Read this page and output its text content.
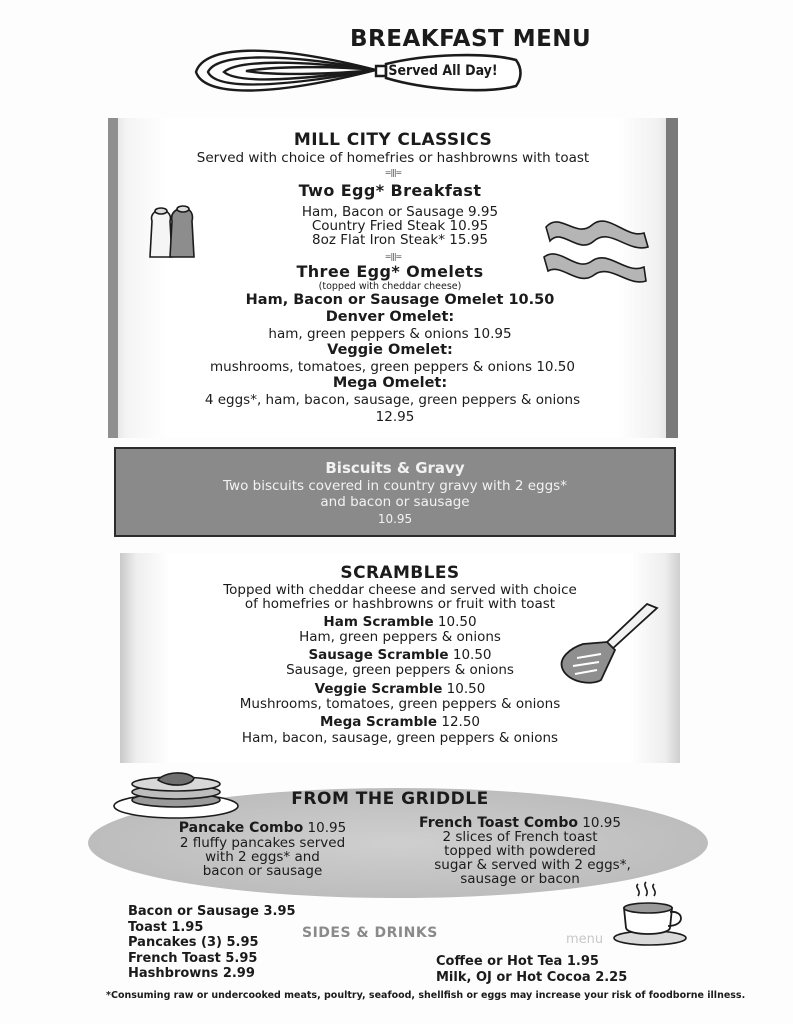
BREAKFAST MENU
Served All Day!
MILL CITY CLASSICS
Served with choice of homefries or hashbrowns with toast
=|||=
Two Egg* Breakfast
Ham, Bacon or Sausage 9.95
Country Fried Steak 10.95
8oz Flat Iron Steak* 15.95
=|||=
Three Egg* Omelets
(topped with cheddar cheese)
Ham, Bacon or Sausage Omelet 10.50
Denver Omelet:
ham, green peppers & onions 10.95
Veggie Omelet:
mushrooms, tomatoes, green peppers & onions 10.50
Mega Omelet:
4 eggs*, ham, bacon, sausage, green peppers & onions
12.95
Biscuits & Gravy
Two biscuits covered in country gravy with 2 eggs*
and bacon or sausage
10.95
SCRAMBLES
Topped with cheddar cheese and served with choice
of homefries or hashbrowns or fruit with toast
Ham Scramble 10.50
Ham, green peppers & onions
Sausage Scramble 10.50
Sausage, green peppers & onions
Veggie Scramble 10.50
Mushrooms, tomatoes, green peppers & onions
Mega Scramble 12.50
Ham, bacon, sausage, green peppers & onions
FROM THE GRIDDLE
Pancake Combo 10.95
2 fluffy pancakes served
with 2 eggs* and
bacon or sausage
French Toast Combo 10.95
2 slices of French toast
topped with powdered
sugar & served with 2 eggs*,
sausage or bacon
Bacon or Sausage 3.95
Toast 1.95
Pancakes (3) 5.95
French Toast 5.95
Hashbrowns 2.99
SIDES & DRINKS
Coffee or Hot Tea 1.95
Milk, OJ or Hot Cocoa 2.25
menu
*Consuming raw or undercooked meats, poultry, seafood, shellfish or eggs may increase your risk of foodborne illness.
